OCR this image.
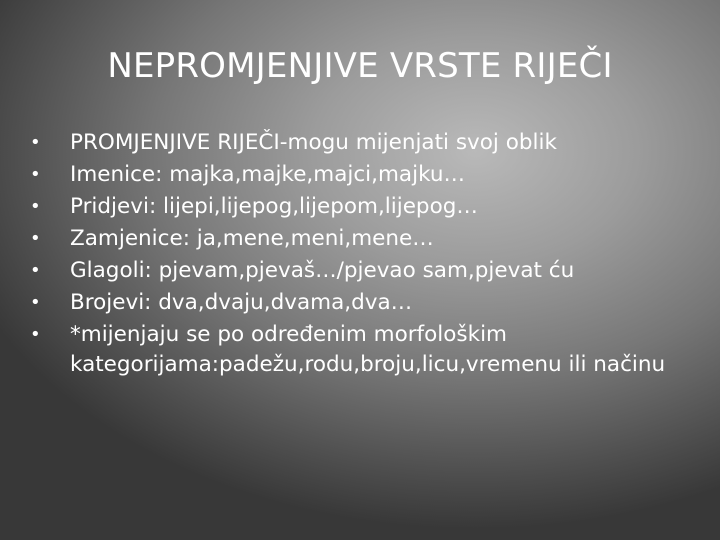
NEPROMJENJIVE VRSTE RIJEČI
• PROMJENJIVE RIJEČI-mogu mijenjati svoj oblik
• Imenice: majka,majke,majci,majku…
• Pridjevi: lijepi,lijepog,lijepom,lijepog…
• Zamjenice: ja,mene,meni,mene…
• Glagoli: pjevam,pjevaš…/pjevao sam,pjevat ću
• Brojevi: dva,dvaju,dvama,dva…
• *mijenjaju se po određenim morfološkim kategorijama:padežu,rodu,broju,licu,vremenu ili načinu
